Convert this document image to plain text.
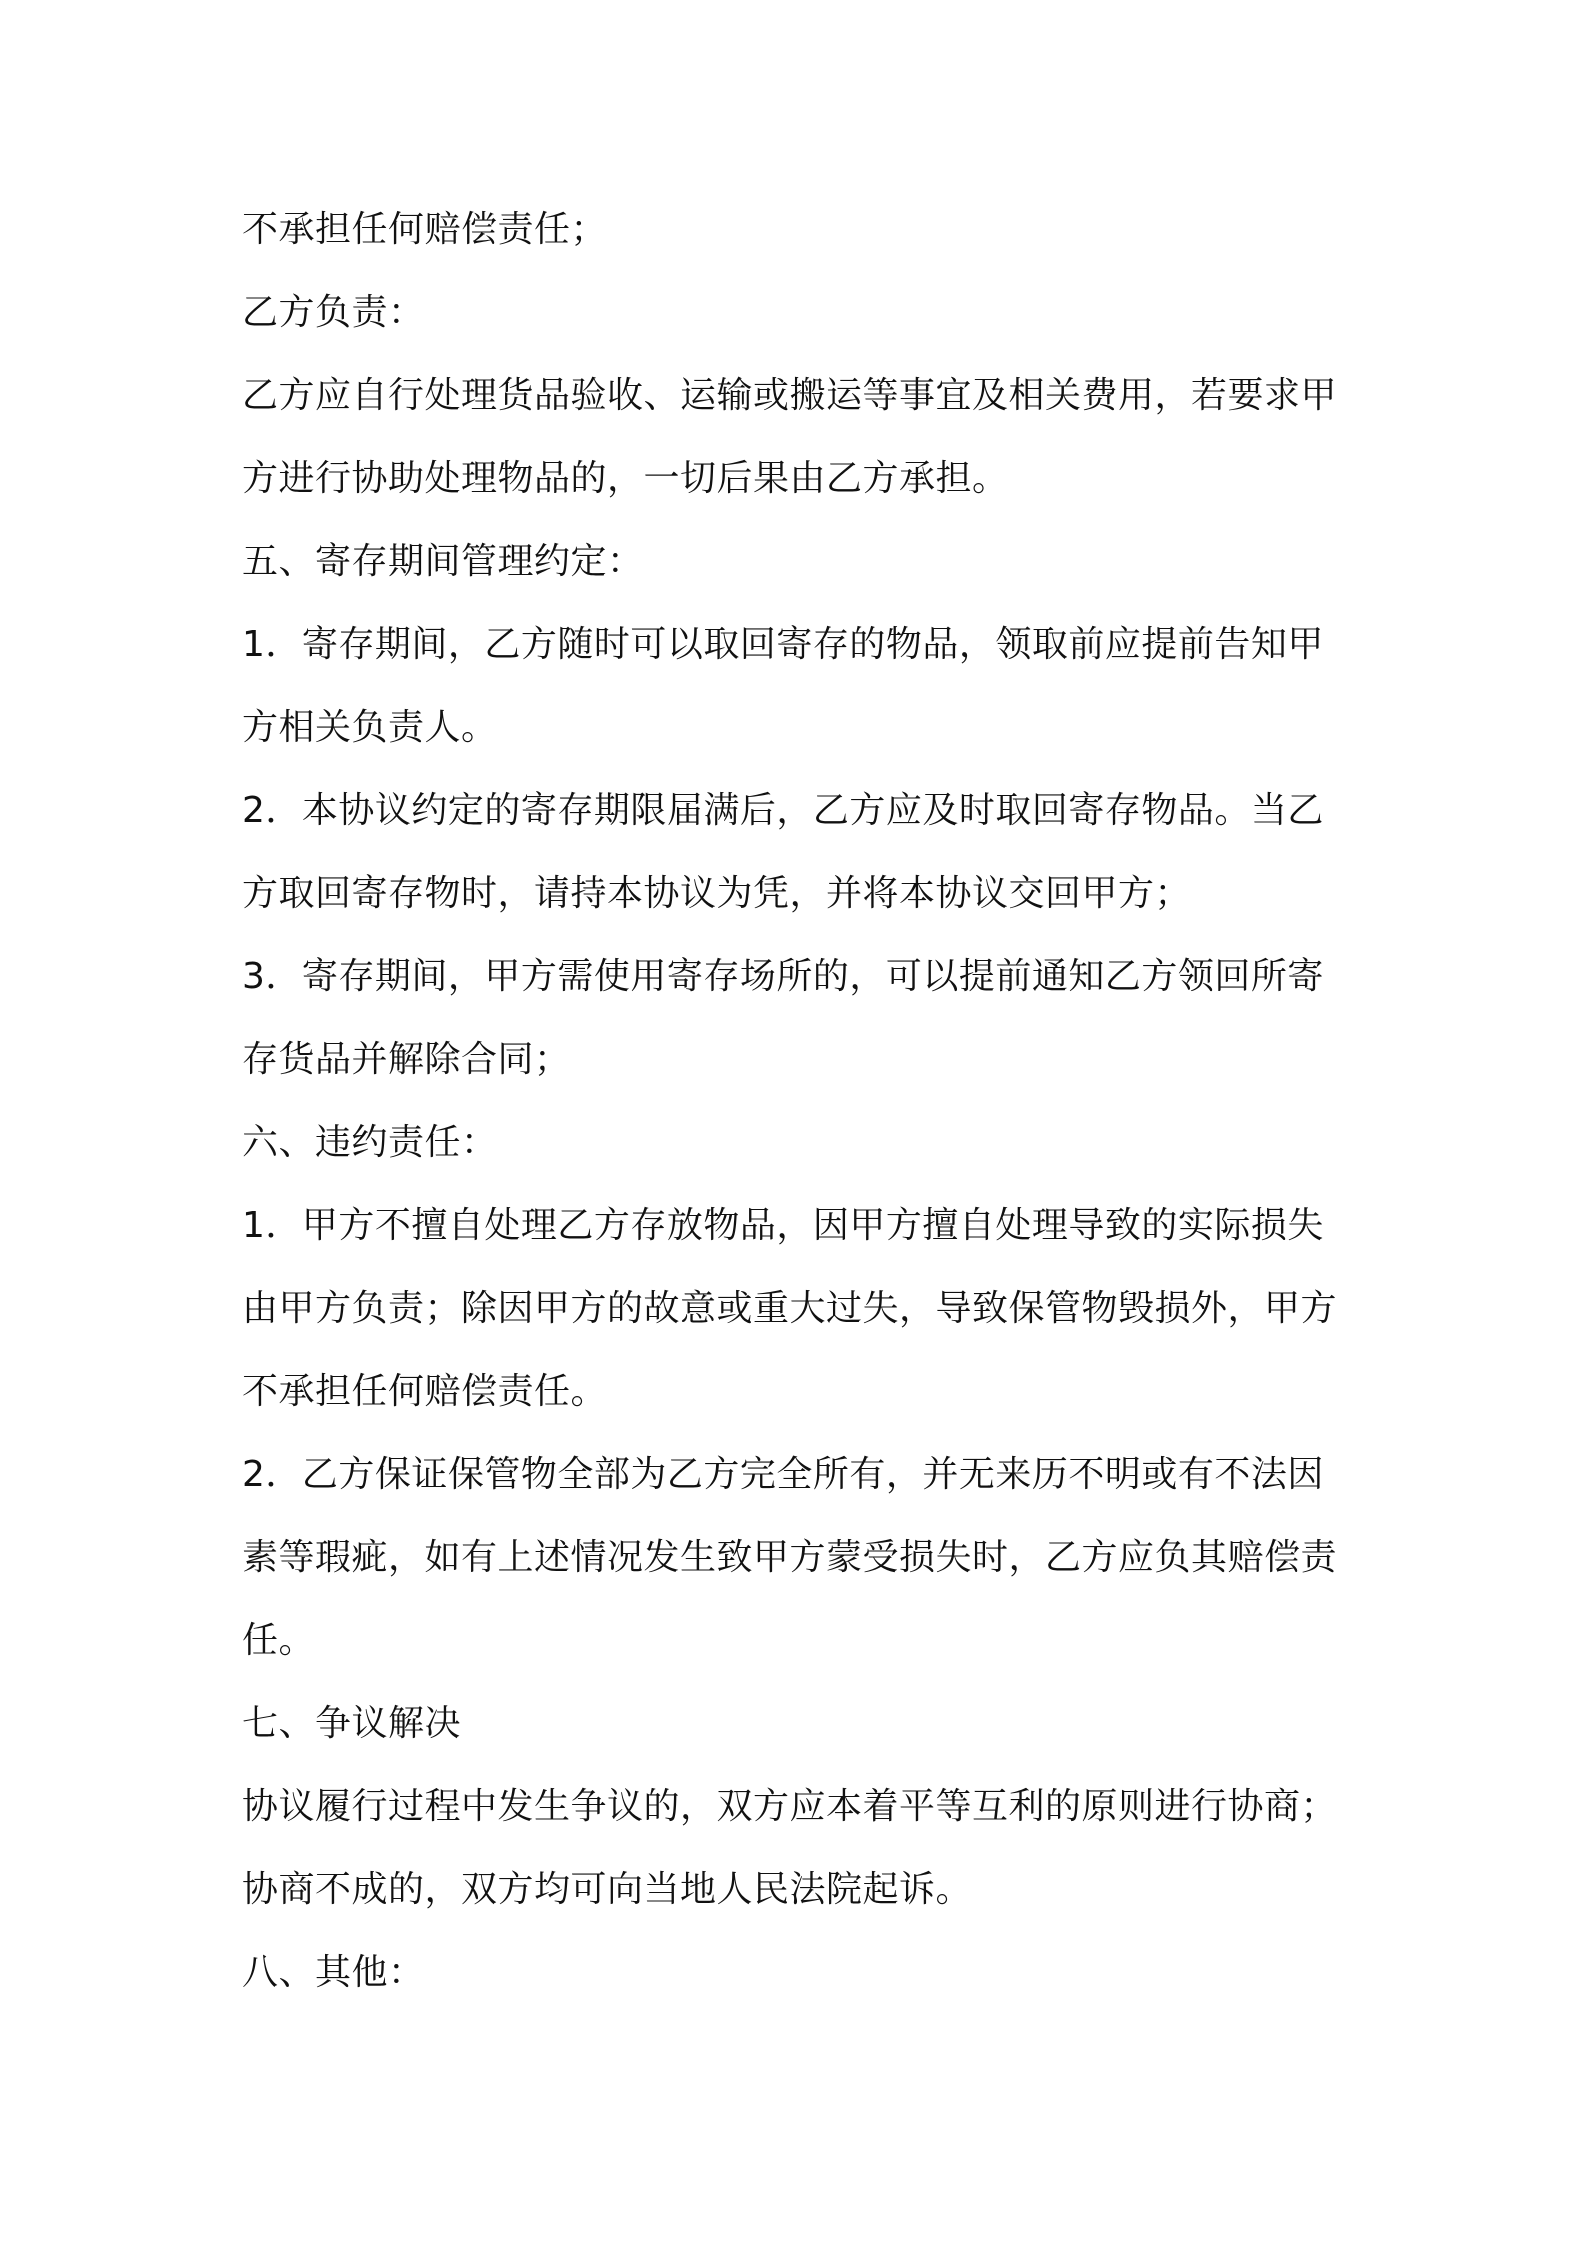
不承担任何赔偿责任；
乙方负责：
乙方应自行处理货品验收、运输或搬运等事宜及相关费用，若要求甲
方进行协助处理物品的，一切后果由乙方承担。
五、寄存期间管理约定：
1．寄存期间，乙方随时可以取回寄存的物品，领取前应提前告知甲
方相关负责人。
2．本协议约定的寄存期限届满后，乙方应及时取回寄存物品。当乙
方取回寄存物时，请持本协议为凭，并将本协议交回甲方；
3．寄存期间，甲方需使用寄存场所的，可以提前通知乙方领回所寄
存货品并解除合同；
六、违约责任：
1．甲方不擅自处理乙方存放物品，因甲方擅自处理导致的实际损失
由甲方负责；除因甲方的故意或重大过失，导致保管物毁损外，甲方
不承担任何赔偿责任。
2．乙方保证保管物全部为乙方完全所有，并无来历不明或有不法因
素等瑕疵，如有上述情况发生致甲方蒙受损失时，乙方应负其赔偿责
任。
七、争议解决
协议履行过程中发生争议的，双方应本着平等互利的原则进行协商；
协商不成的，双方均可向当地人民法院起诉。
八、其他：
